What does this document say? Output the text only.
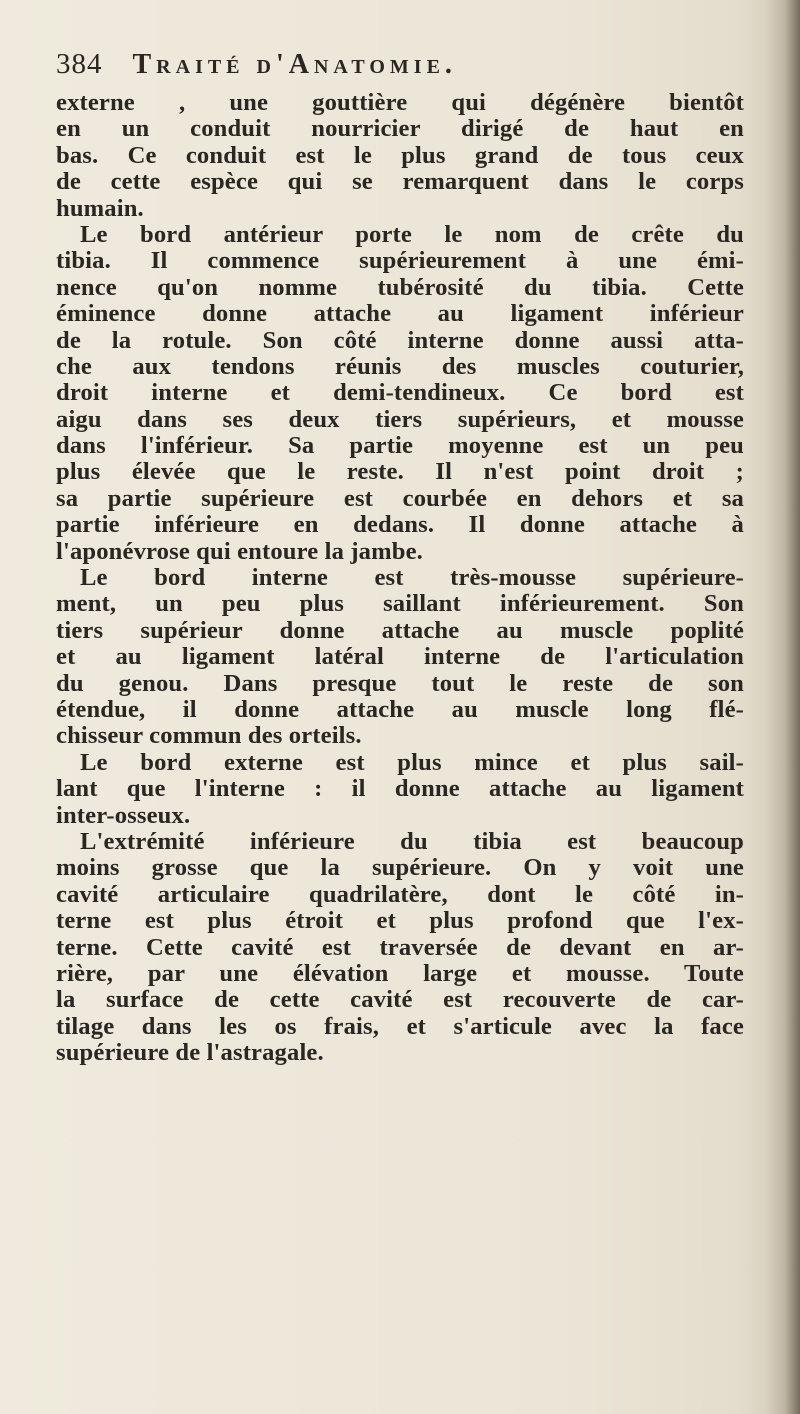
384 Traité d'Anatomie.
externe , une gouttière qui dégénère bientôt
en un conduit nourricier dirigé de haut en
bas. Ce conduit est le plus grand de tous ceux
de cette espèce qui se remarquent dans le corps
humain.
Le bord antérieur porte le nom de crête du
tibia. Il commence supérieurement à une émi-
nence qu'on nomme tubérosité du tibia. Cette
éminence donne attache au ligament inférieur
de la rotule. Son côté interne donne aussi atta-
che aux tendons réunis des muscles couturier,
droit interne et demi-tendineux. Ce bord est
aigu dans ses deux tiers supérieurs, et mousse
dans l'inférieur. Sa partie moyenne est un peu
plus élevée que le reste. Il n'est point droit ;
sa partie supérieure est courbée en dehors et sa
partie inférieure en dedans. Il donne attache à
l'aponévrose qui entoure la jambe.
Le bord interne est très-mousse supérieure-
ment, un peu plus saillant inférieurement. Son
tiers supérieur donne attache au muscle poplité
et au ligament latéral interne de l'articulation
du genou. Dans presque tout le reste de son
étendue, il donne attache au muscle long flé-
chisseur commun des orteils.
Le bord externe est plus mince et plus sail-
lant que l'interne : il donne attache au ligament
inter-osseux.
L'extrémité inférieure du tibia est beaucoup
moins grosse que la supérieure. On y voit une
cavité articulaire quadrilatère, dont le côté in-
terne est plus étroit et plus profond que l'ex-
terne. Cette cavité est traversée de devant en ar-
rière, par une élévation large et mousse. Toute
la surface de cette cavité est recouverte de car-
tilage dans les os frais, et s'articule avec la face
supérieure de l'astragale.
